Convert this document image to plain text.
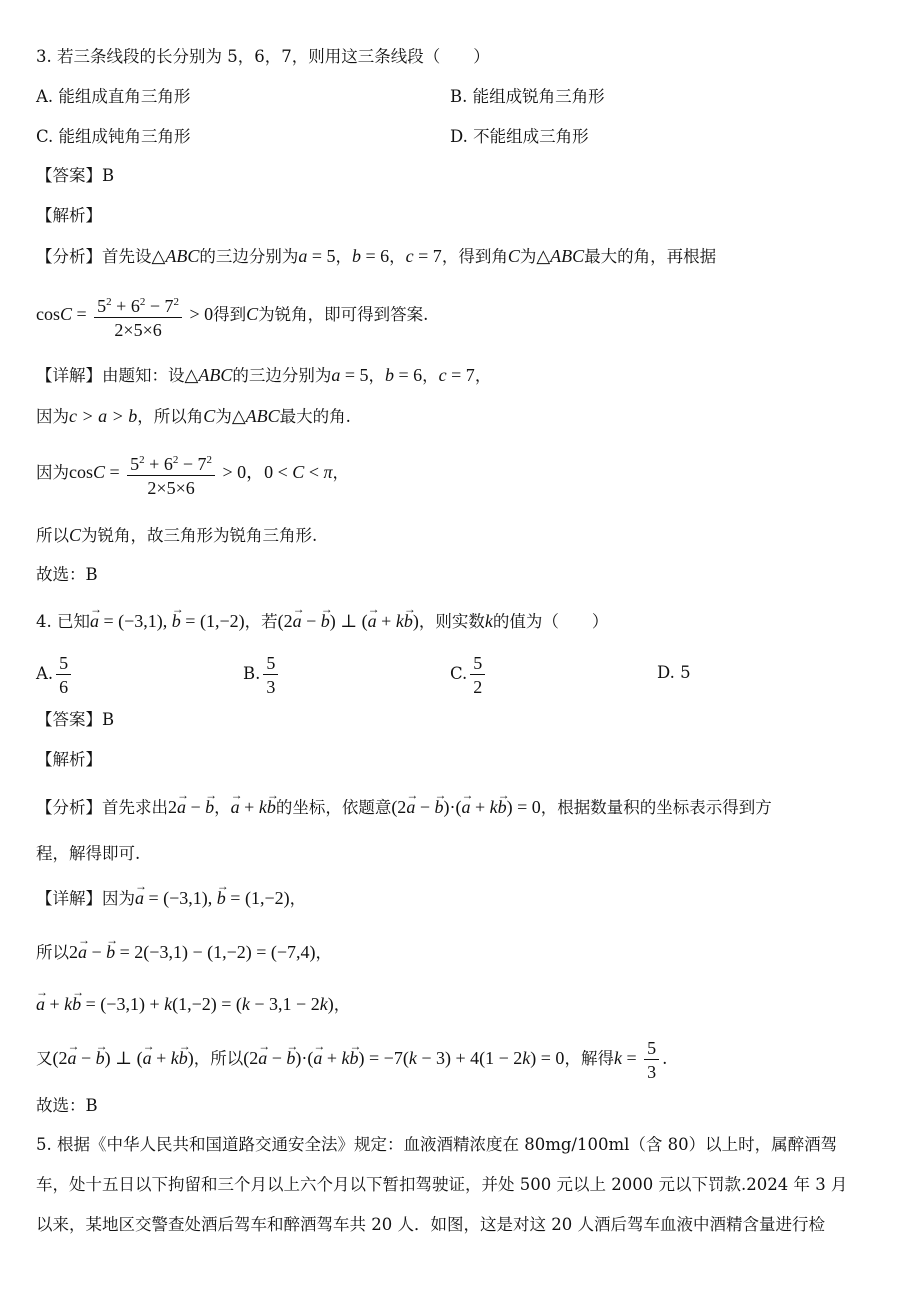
3. 若三条线段的长分别为 5，6，7，则用这三条线段（　　）
A. 能组成直角三角形	B. 能组成锐角三角形
C. 能组成钝角三角形	D. 不能组成三角形
【答案】B
【解析】
【分析】首先设△ABC的三边分别为a = 5，b = 6，c = 7，得到角C为△ABC最大的角，再根据
$\cos C = \frac{5^2 + 6^2 - 7^2}{2\times 5\times 6} > 0$得到C为锐角，即可得到答案.
【详解】由题知：设△ABC的三边分别为a = 5，b = 6，c = 7，
因为c > a > b，所以角C为△ABC最大的角.
因为$\cos C = \frac{5^2 + 6^2 - 7^2}{2\times 5\times 6} > 0$，0 < C < π，
所以C为锐角，故三角形为锐角三角形.
故选：B
4. 已知a → = (−3,1), b → = (1,−2)，若(2a → − b →) ⊥ (a → + kb →)，则实数k的值为（　　）
A. $\frac{5}{6}$	B. $\frac{5}{3}$	C. $\frac{5}{2}$	D. 5
【答案】B
【解析】
【分析】首先求出2a → − b →，a → + kb →的坐标，依题意(2a → − b →)·(a → + kb →) = 0，根据数量积的坐标表示得到方
程，解得即可.
【详解】因为a → = (−3,1), b → = (1,−2)，
所以2a → − b → = 2(−3,1) − (1,−2) = (−7,4)，
a → + kb → = (−3,1) + k(1,−2) = (k − 3,1 − 2k)，
又(2a → − b →) ⊥ (a → + kb →)，所以(2a → − b →)·(a → + kb →) = −7(k − 3) + 4(1 − 2k) = 0，解得$k = \frac{5}{3}$ .
故选：B
5. 根据《中华人民共和国道路交通安全法》规定：血液酒精浓度在 80mg/100ml（含 80）以上时，属醉酒驾
车，处十五日以下拘留和三个月以上六个月以下暂扣驾驶证，并处 500 元以上 2000 元以下罚款.2024 年 3 月
以来，某地区交警查处酒后驾车和醉酒驾车共 20 人．如图，这是对这 20 人酒后驾车血液中酒精含量进行检
